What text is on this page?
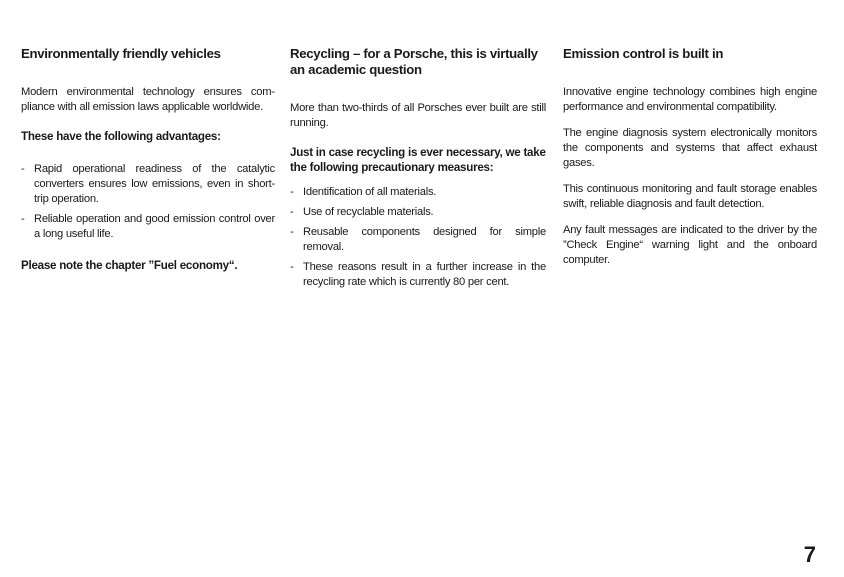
Environmentally friendly vehicles

Modern environmental technology ensures compliance with all emission laws applicable worldwide.

These have the following advantages:

- Rapid operational readiness of the catalytic converters ensures low emissions, even in short-trip operation.
- Reliable operation and good emission control over a long useful life.

Please note the chapter ”Fuel economy“.

Recycling – for a Porsche, this is virtually an academic question

More than two-thirds of all Porsches ever built are still running.

Just in case recycling is ever necessary, we take the following precautionary measures:

- Identification of all materials.
- Use of recyclable materials.
- Reusable components designed for simple removal.
- These reasons result in a further increase in the recycling rate which is currently 80 per cent.
Emission control is built in

Innovative engine technology combines high engine performance and environmental compatibility.

The engine diagnosis system electronically monitors the components and systems that affect exhaust gases.

This continuous monitoring and fault storage enables swift, reliable diagnosis and fault detection.

Any fault messages are indicated to the driver by the ”Check Engine“ warning light and the onboard computer.

7
